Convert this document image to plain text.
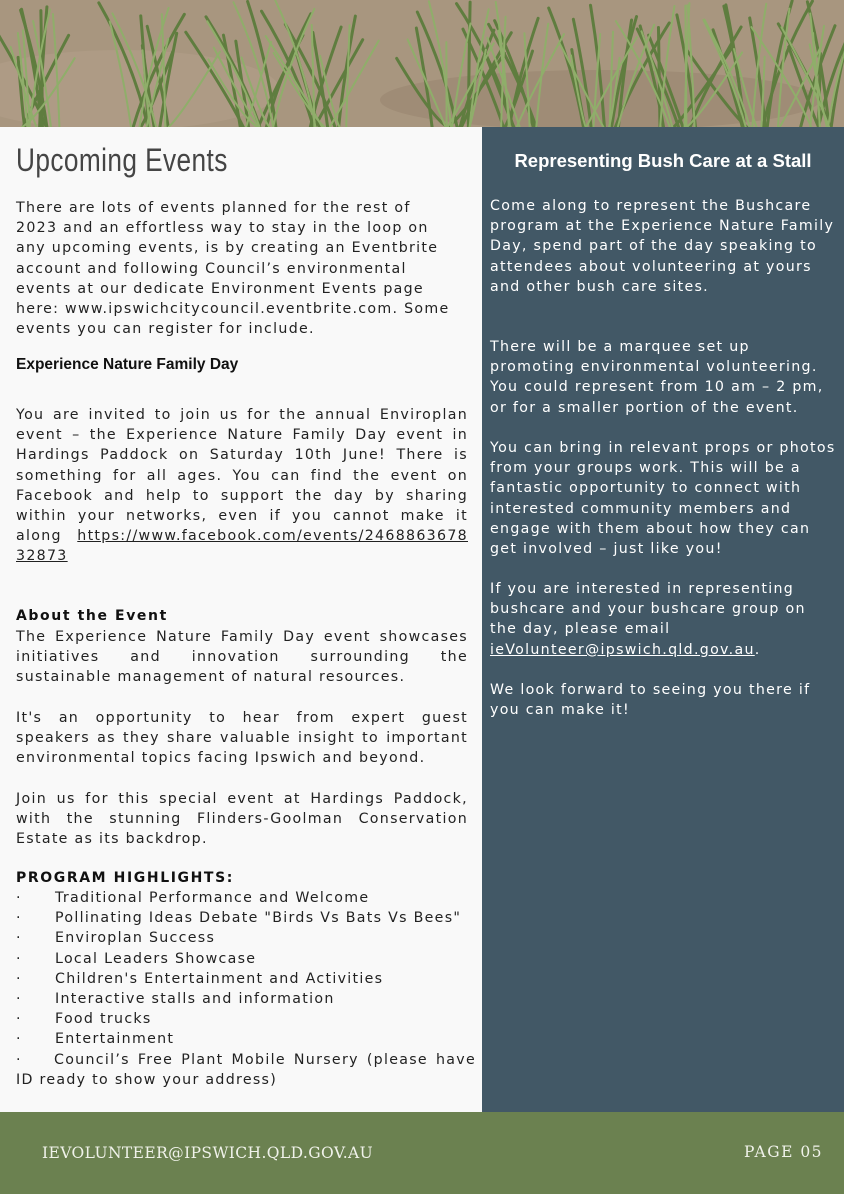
Upcoming Events

There are lots of events planned for the rest of 2023 and an effortless way to stay in the loop on any upcoming events, is by creating an Eventbrite account and following Council’s environmental events at our dedicate Environment Events page here: www.ipswichcitycouncil.eventbrite.com. Some events you can register for include.

Experience Nature Family Day

You are invited to join us for the annual Enviroplan event – the Experience Nature Family Day event in Hardings Paddock on Saturday 10th June! There is something for all ages. You can find the event on Facebook and help to support the day by sharing within your networks, even if you cannot make it along https://www.facebook.com/events/246886367832873

About the Event

The Experience Nature Family Day event showcases initiatives and innovation surrounding the sustainable management of natural resources.

It's an opportunity to hear from expert guest speakers as they share valuable insight to important environmental topics facing Ipswich and beyond.

Join us for this special event at Hardings Paddock, with the stunning Flinders-Goolman Conservation Estate as its backdrop.

PROGRAM HIGHLIGHTS:
· Traditional Performance and Welcome
· Pollinating Ideas Debate "Birds Vs Bats Vs Bees"
· Enviroplan Success
· Local Leaders Showcase
· Children's Entertainment and Activities
· Interactive stalls and information
· Food trucks
· Entertainment
· Council’s Free Plant Mobile Nursery (please have ID ready to show your address)
Representing Bush Care at a Stall

Come along to represent the Bushcare program at the Experience Nature Family Day, spend part of the day speaking to attendees about volunteering at yours and other bush care sites.

There will be a marquee set up promoting environmental volunteering. You could represent from 10 am – 2 pm, or for a smaller portion of the event.

You can bring in relevant props or photos from your groups work. This will be a fantastic opportunity to connect with interested community members and engage with them about how they can get involved – just like you!

If you are interested in representing bushcare and your bushcare group on the day, please email ieVolunteer@ipswich.qld.gov.au.

We look forward to seeing you there if you can make it!

IEVOLUNTEER@IPSWICH.QLD.GOV.AU	PAGE 05
